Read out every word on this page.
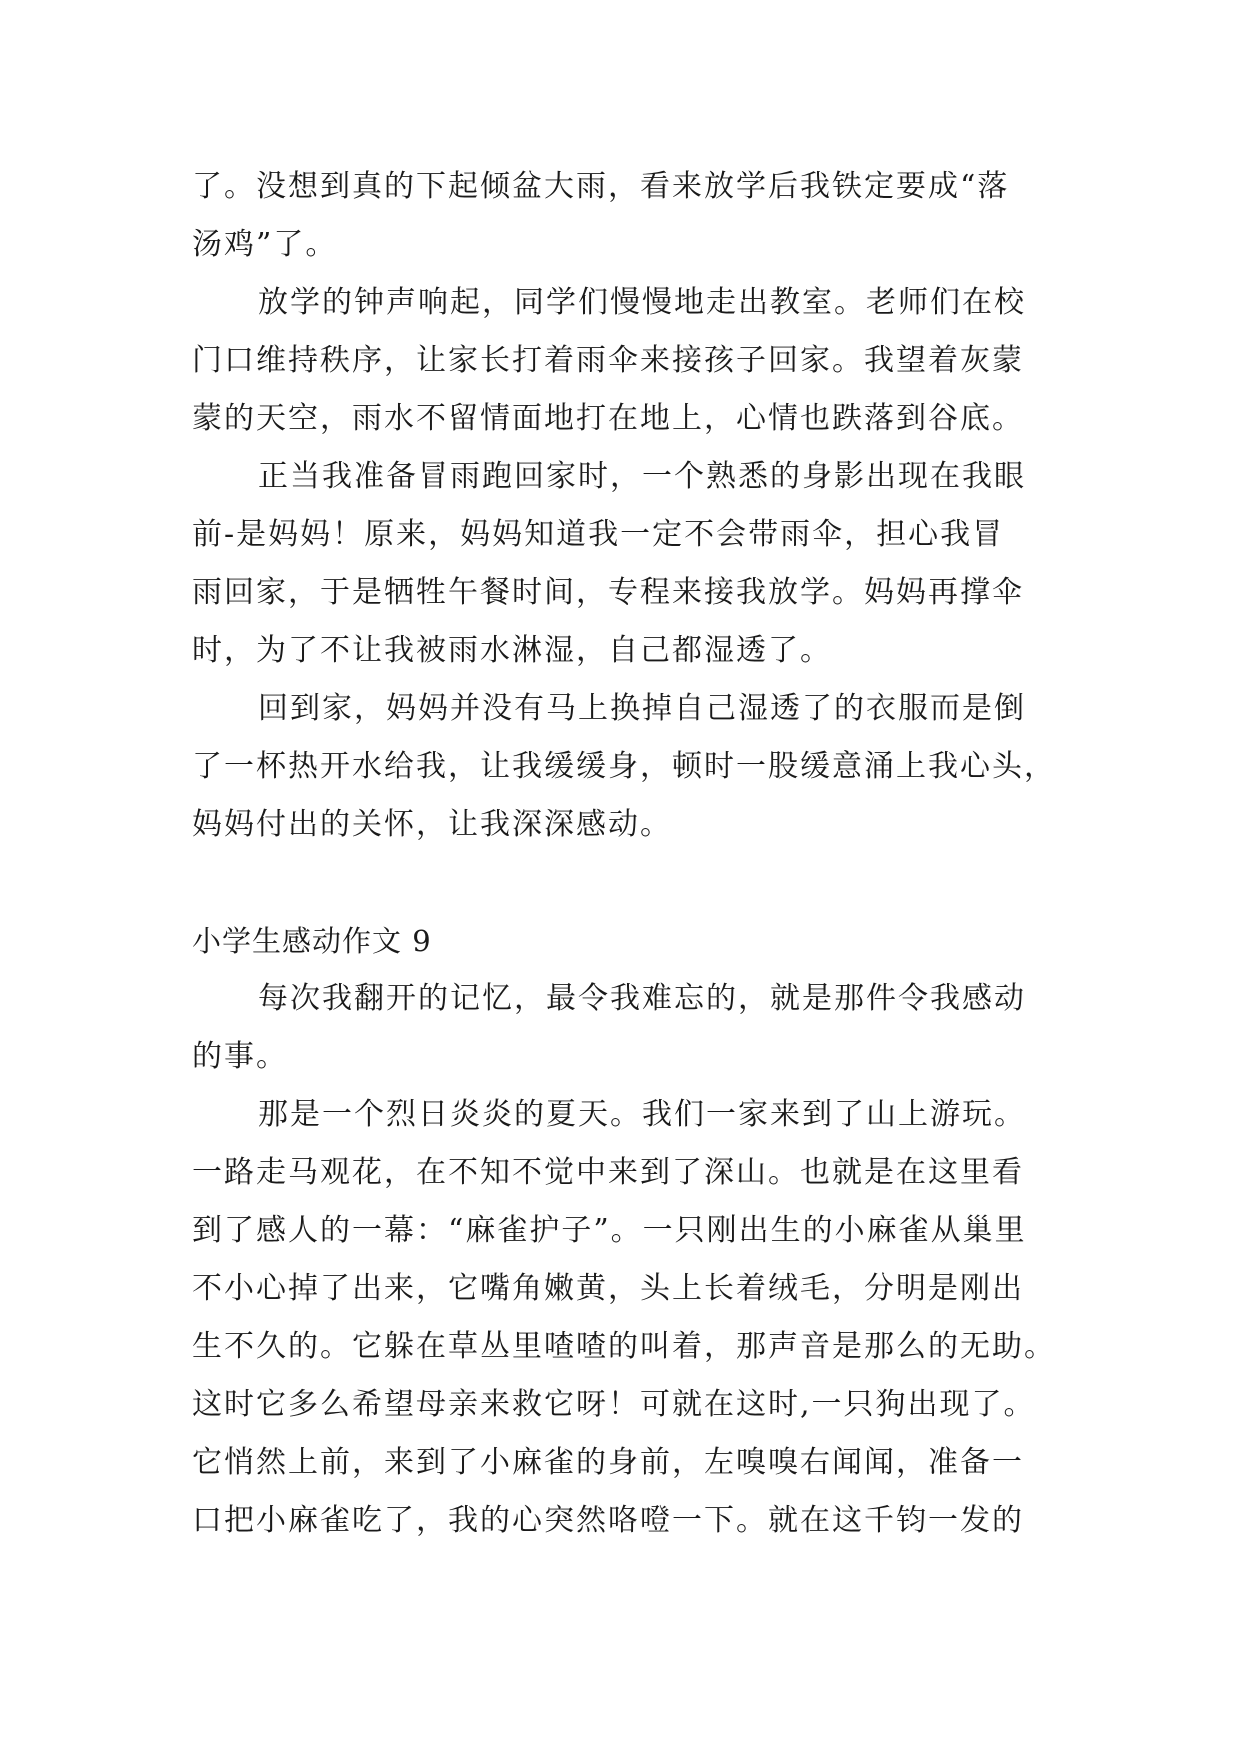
了。没想到真的下起倾盆大雨，看来放学后我铁定要成“落
汤鸡”了。
放学的钟声响起，同学们慢慢地走出教室。老师们在校
门口维持秩序，让家长打着雨伞来接孩子回家。我望着灰蒙
蒙的天空，雨水不留情面地打在地上，心情也跌落到谷底。
正当我准备冒雨跑回家时，一个熟悉的身影出现在我眼
前-是妈妈！原来，妈妈知道我一定不会带雨伞，担心我冒
雨回家，于是牺牲午餐时间，专程来接我放学。妈妈再撑伞
时，为了不让我被雨水淋湿，自己都湿透了。
回到家，妈妈并没有马上换掉自己湿透了的衣服而是倒
了一杯热开水给我，让我缓缓身，顿时一股缓意涌上我心头，
妈妈付出的关怀，让我深深感动。
小学生感动作文 9
每次我翻开的记忆，最令我难忘的，就是那件令我感动
的事。
那是一个烈日炎炎的夏天。我们一家来到了山上游玩。
一路走马观花，在不知不觉中来到了深山。也就是在这里看
到了感人的一幕：“麻雀护子”。一只刚出生的小麻雀从巢里
不小心掉了出来，它嘴角嫩黄，头上长着绒毛，分明是刚出
生不久的。它躲在草丛里喳喳的叫着，那声音是那么的无助。
这时它多么希望母亲来救它呀！可就在这时,一只狗出现了。
它悄然上前，来到了小麻雀的身前，左嗅嗅右闻闻，准备一
口把小麻雀吃了，我的心突然咯噔一下。就在这千钧一发的
